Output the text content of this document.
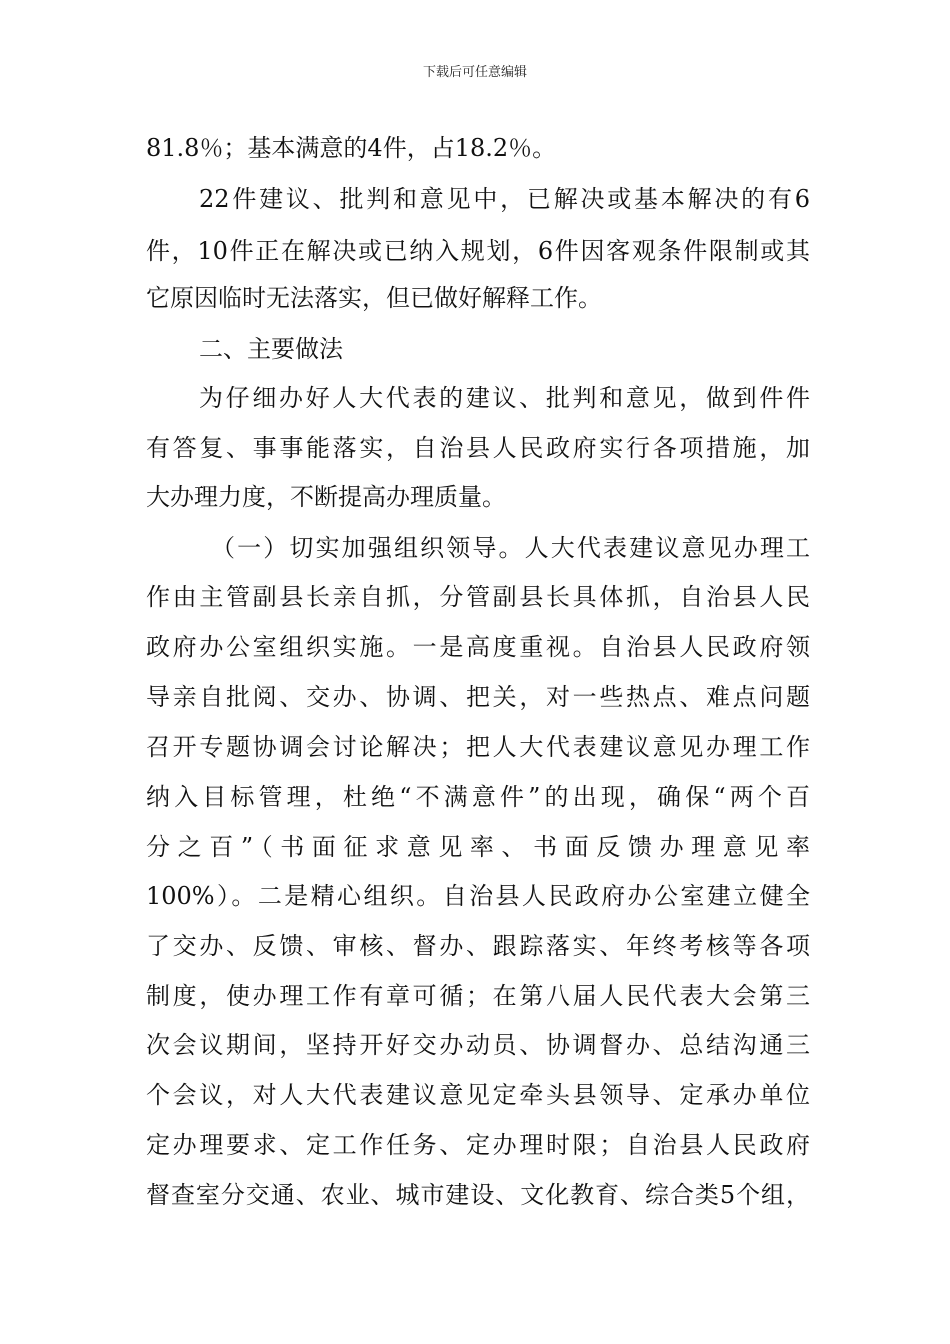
下载后可任意编辑
81.8％；基本满意的4件，占18.2％。
22件建议、批判和意见中，已解决或基本解决的有6
件，10件正在解决或已纳入规划，6件因客观条件限制或其
它原因临时无法落实，但已做好解释工作。
二、主要做法
为仔细办好人大代表的建议、批判和意见，做到件件
有答复、事事能落实，自治县人民政府实行各项措施，加
大办理力度，不断提高办理质量。
（一）切实加强组织领导。人大代表建议意见办理工
作由主管副县长亲自抓，分管副县长具体抓，自治县人民
政府办公室组织实施。一是高度重视。自治县人民政府领
导亲自批阅、交办、协调、把关，对一些热点、难点问题
召开专题协调会讨论解决；把人大代表建议意见办理工作
纳入目标管理，杜绝“不满意件”的出现，确保“两个百
分之百”（书面征求意见率、书面反馈办理意见率
100%）。二是精心组织。自治县人民政府办公室建立健全
了交办、反馈、审核、督办、跟踪落实、年终考核等各项
制度，使办理工作有章可循；在第八届人民代表大会第三
次会议期间，坚持开好交办动员、协调督办、总结沟通三
个会议，对人大代表建议意见定牵头县领导、定承办单位
定办理要求、定工作任务、定办理时限；自治县人民政府
督查室分交通、农业、城市建设、文化教育、综合类5个组，
